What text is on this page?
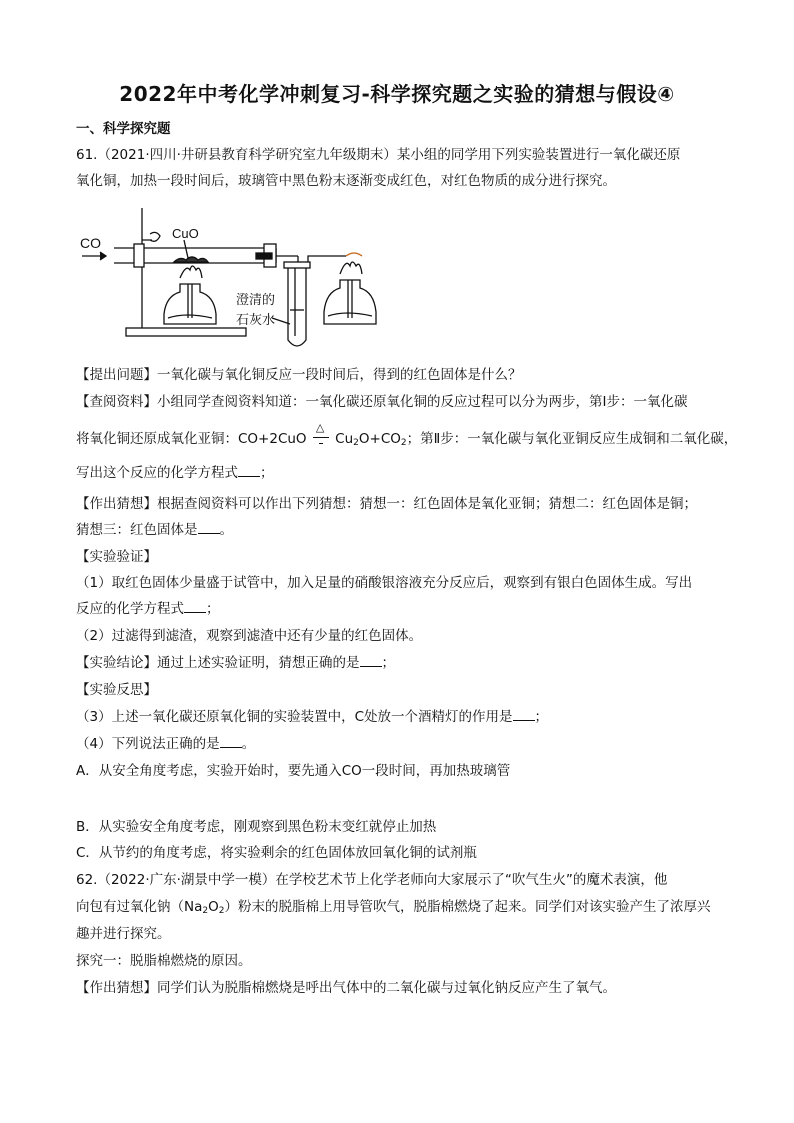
2022年中考化学冲刺复习-科学探究题之实验的猜想与假设④
一、科学探究题
61.（2021·四川·井研县教育科学研究室九年级期末）某小组的同学用下列实验装置进行一氧化碳还原
氧化铜，加热一段时间后，玻璃管中黑色粉末逐渐变成红色，对红色物质的成分进行探究。
CO
CuO
澄清的
石灰水
【提出问题】一氧化碳与氧化铜反应一段时间后，得到的红色固体是什么？
【查阅资料】小组同学查阅资料知道：一氧化碳还原氧化铜的反应过程可以分为两步，第Ⅰ步：一氧化碳
将氧化铜还原成氧化亚铜：CO+2CuO
△
$Cu_2O+CO_2$；第Ⅱ步：一氧化碳与氧化亚铜反应生成铜和二氧化碳，
写出这个反应的化学方程式 ；
【作出猜想】根据查阅资料可以作出下列猜想：猜想一：红色固体是氧化亚铜；猜想二：红色固体是铜；
猜想三：红色固体是 。
【实验验证】
（1）取红色固体少量盛于试管中，加入足量的硝酸银溶液充分反应后，观察到有银白色固体生成。写出
反应的化学方程式 ；
（2）过滤得到滤渣，观察到滤渣中还有少量的红色固体。
【实验结论】通过上述实验证明，猜想正确的是 ；
【实验反思】
（3）上述一氧化碳还原氧化铜的实验装置中，C处放一个酒精灯的作用是 ；
（4）下列说法正确的是 。
A．从安全角度考虑，实验开始时，要先通入CO一段时间，再加热玻璃管
B．从实验安全角度考虑，刚观察到黑色粉末变红就停止加热
C．从节约的角度考虑，将实验剩余的红色固体放回氧化铜的试剂瓶
62.（2022·广东·湖景中学一模）在学校艺术节上化学老师向大家展示了“吹气生火”的魔术表演，他
向包有过氧化钠$(Na_2O_2)$粉末的脱脂棉上用导管吹气，脱脂棉燃烧了起来。同学们对该实验产生了浓厚兴
趣并进行探究。
探究一：脱脂棉燃烧的原因。
【作出猜想】同学们认为脱脂棉燃烧是呼出气体中的二氧化碳与过氧化钠反应产生了氧气。
